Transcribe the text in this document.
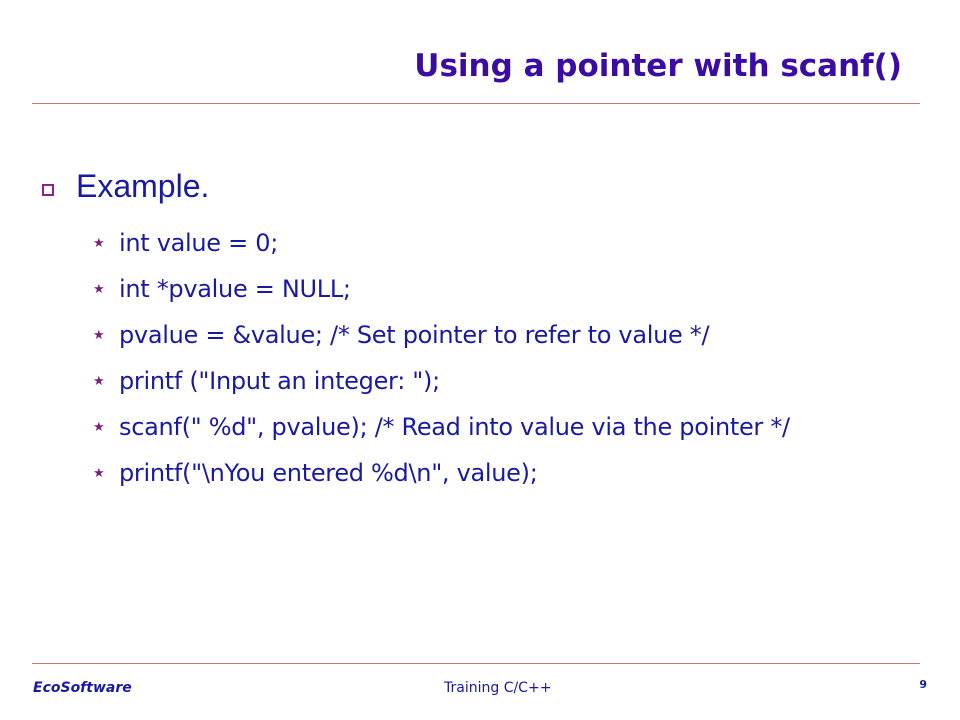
Using a pointer with scanf()
Example.
★ int value = 0;
★ int *pvalue = NULL;
★ pvalue = &value; /* Set pointer to refer to value */
★ printf ("Input an integer: ");
★ scanf(" %d", pvalue); /* Read into value via the pointer */
★ printf("\nYou entered %d\n", value);
EcoSoftware	Training C/C++	9
